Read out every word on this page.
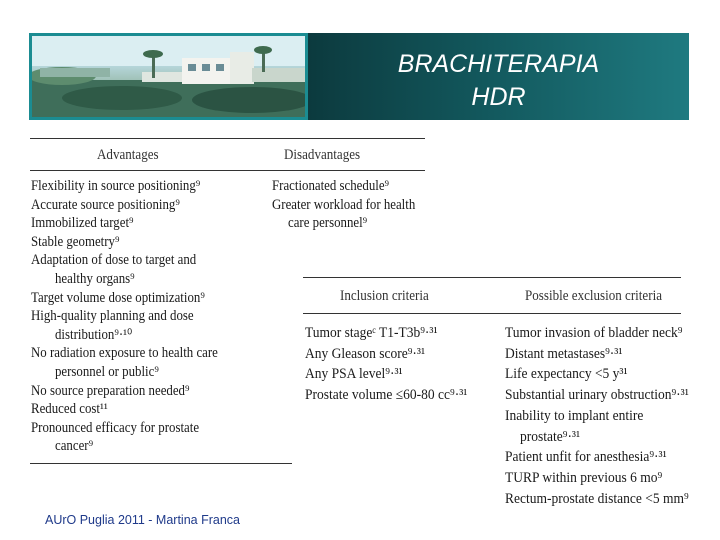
BRACHITERAPIA
HDR
Advantages	Disadvantages
Flexibility in source positioning⁹
Accurate source positioning⁹
Immobilized target⁹
Stable geometry⁹
Adaptation of dose to target and
healthy organs⁹
Target volume dose optimization⁹
High-quality planning and dose
distribution⁹·¹⁰
No radiation exposure to health care
personnel or public⁹
No source preparation needed⁹
Reduced cost¹¹
Pronounced efficacy for prostate
cancer⁹
Fractionated schedule⁹
Greater workload for health
care personnel⁹
Inclusion criteria	Possible exclusion criteria
Tumor stageᶜ T1-T3b⁹·³¹
Any Gleason score⁹·³¹
Any PSA level⁹·³¹
Prostate volume ≤60-80 cc⁹·³¹
Tumor invasion of bladder neck⁹
Distant metastases⁹·³¹
Life expectancy <5 y³¹
Substantial urinary obstruction⁹·³¹
Inability to implant entire
prostate⁹·³¹
Patient unfit for anesthesia⁹·³¹
TURP within previous 6 mo⁹
Rectum-prostate distance <5 mm⁹
AUrO Puglia 2011 - Martina Franca
